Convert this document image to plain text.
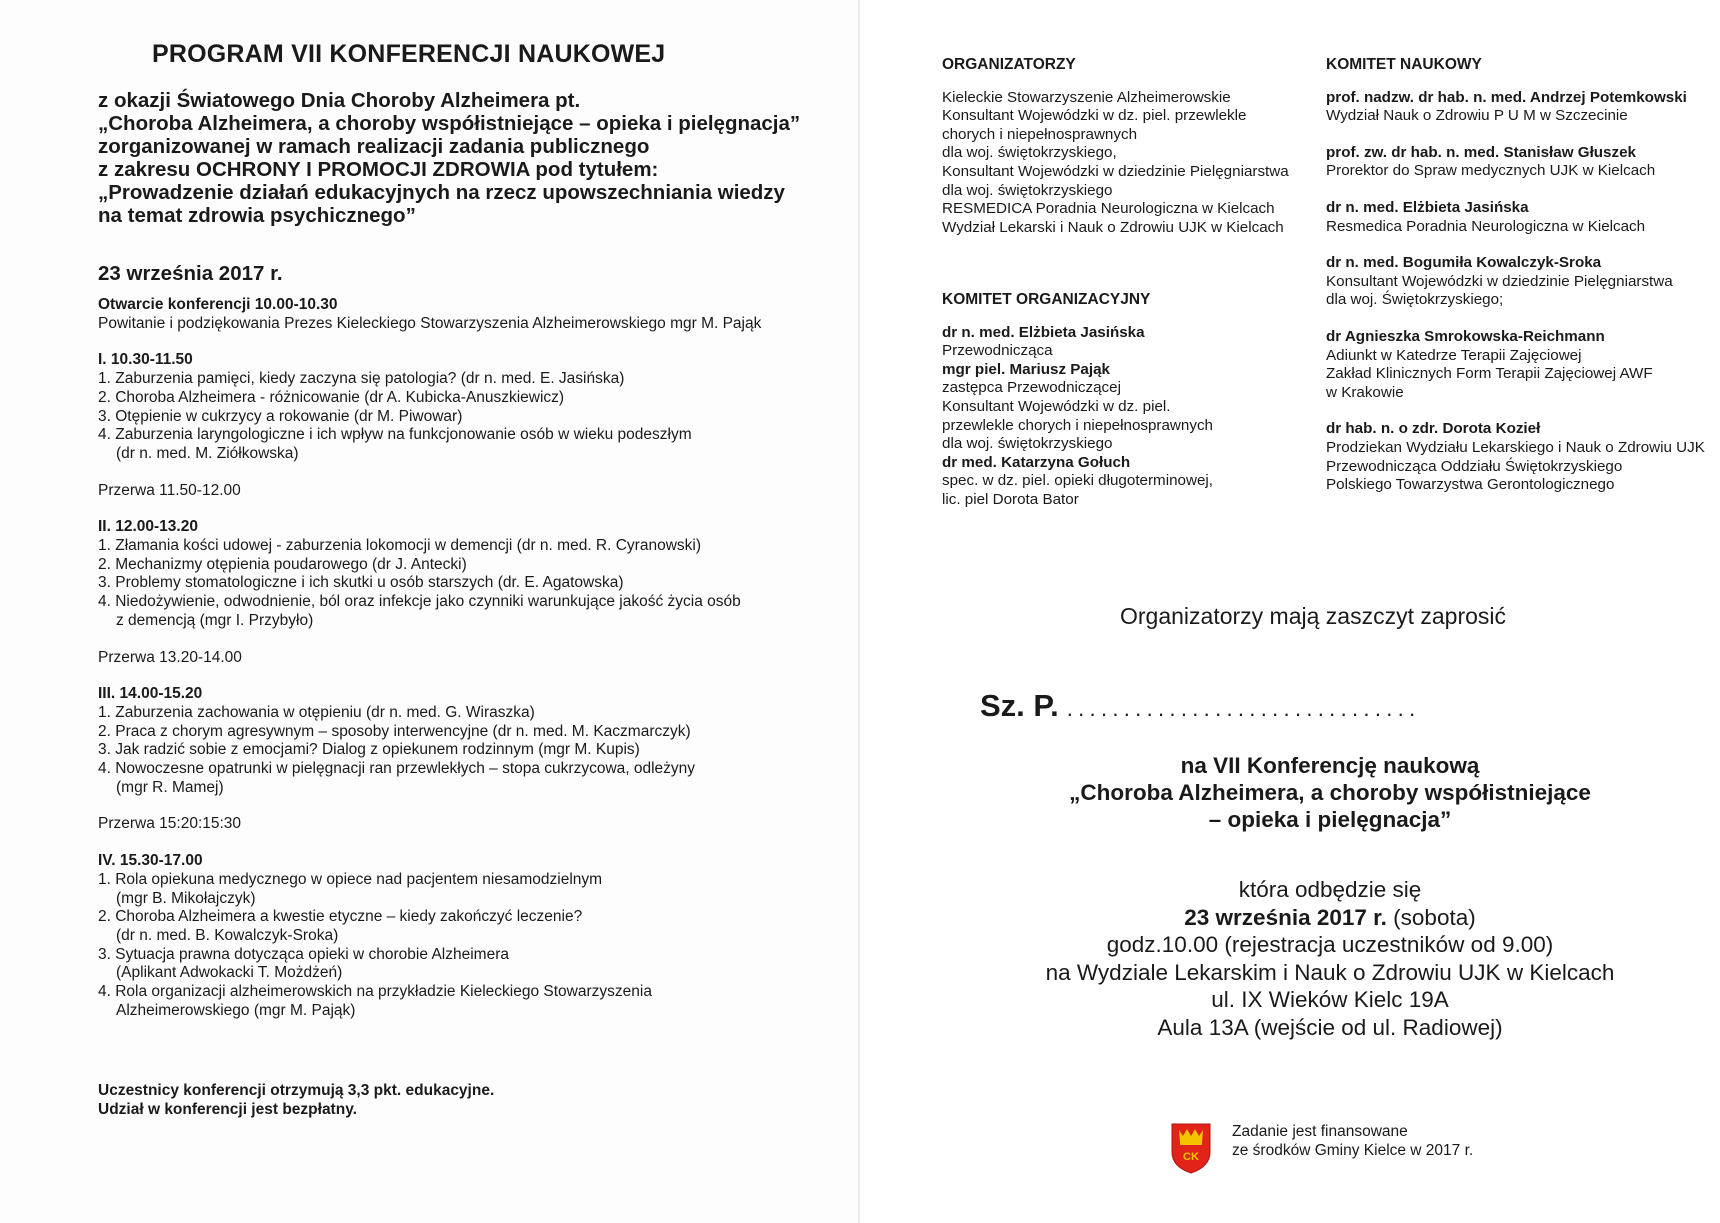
PROGRAM VII KONFERENCJI NAUKOWEJ
z okazji Światowego Dnia Choroby Alzheimera pt.
„Choroba Alzheimera, a choroby współistniejące – opieka i pielęgnacja”
zorganizowanej w ramach realizacji zadania publicznego
z zakresu OCHRONY I PROMOCJI ZDROWIA pod tytułem:
„Prowadzenie działań edukacyjnych na rzecz upowszechniania wiedzy
na temat zdrowia psychicznego”
23 września 2017 r.
Otwarcie konferencji 10.00-10.30
Powitanie i podziękowania Prezes Kieleckiego Stowarzyszenia Alzheimerowskiego mgr M. Pająk
I. 10.30-11.50
1. Zaburzenia pamięci, kiedy zaczyna się patologia? (dr n. med. E. Jasińska)
2. Choroba Alzheimera - różnicowanie (dr A. Kubicka-Anuszkiewicz)
3. Otępienie w cukrzycy a rokowanie (dr M. Piwowar)
4. Zaburzenia laryngologiczne i ich wpływ na funkcjonowanie osób w wieku podeszłym
(dr n. med. M. Ziółkowska)
Przerwa 11.50-12.00
II. 12.00-13.20
1. Złamania kości udowej - zaburzenia lokomocji w demencji (dr n. med. R. Cyranowski)
2. Mechanizmy otępienia poudarowego (dr J. Antecki)
3. Problemy stomatologiczne i ich skutki u osób starszych (dr. E. Agatowska)
4. Niedożywienie, odwodnienie, ból oraz infekcje jako czynniki warunkujące jakość życia osób
z demencją (mgr I. Przybyło)
Przerwa 13.20-14.00
III. 14.00-15.20
1. Zaburzenia zachowania w otępieniu (dr n. med. G. Wiraszka)
2. Praca z chorym agresywnym – sposoby interwencyjne (dr n. med. M. Kaczmarczyk)
3. Jak radzić sobie z emocjami? Dialog z opiekunem rodzinnym (mgr M. Kupis)
4. Nowoczesne opatrunki w pielęgnacji ran przewlekłych – stopa cukrzycowa, odleżyny
(mgr R. Mamej)
Przerwa 15:20:15:30
IV. 15.30-17.00
1. Rola opiekuna medycznego w opiece nad pacjentem niesamodzielnym
(mgr B. Mikołajczyk)
2. Choroba Alzheimera a kwestie etyczne – kiedy zakończyć leczenie?
(dr n. med. B. Kowalczyk-Sroka)
3. Sytuacja prawna dotycząca opieki w chorobie Alzheimera
(Aplikant Adwokacki T. Możdżeń)
4. Rola organizacji alzheimerowskich na przykładzie Kieleckiego Stowarzyszenia
Alzheimerowskiego (mgr M. Pająk)
Uczestnicy konferencji otrzymują 3,3 pkt. edukacyjne.
Udział w konferencji jest bezpłatny.
ORGANIZATORZY
Kieleckie Stowarzyszenie Alzheimerowskie
Konsultant Wojewódzki w dz. piel. przewlekle
chorych i niepełnosprawnych
dla woj. świętokrzyskiego,
Konsultant Wojewódzki w dziedzinie Pielęgniarstwa
dla woj. świętokrzyskiego
RESMEDICA Poradnia Neurologiczna w Kielcach
Wydział Lekarski i Nauk o Zdrowiu UJK w Kielcach
KOMITET ORGANIZACYJNY
dr n. med. Elżbieta Jasińska
Przewodnicząca
mgr piel. Mariusz Pająk
zastępca Przewodniczącej
Konsultant Wojewódzki w dz. piel.
przewlekle chorych i niepełnosprawnych
dla woj. świętokrzyskiego
dr med. Katarzyna Gołuch
spec. w dz. piel. opieki długoterminowej,
lic. piel Dorota Bator
KOMITET NAUKOWY
prof. nadzw. dr hab. n. med. Andrzej Potemkowski
Wydział Nauk o Zdrowiu P U M w Szczecinie
prof. zw. dr hab. n. med. Stanisław Głuszek
Prorektor do Spraw medycznych UJK w Kielcach
dr n. med. Elżbieta Jasińska
Resmedica Poradnia Neurologiczna w Kielcach
dr n. med. Bogumiła Kowalczyk-Sroka
Konsultant Wojewódzki w dziedzinie Pielęgniarstwa
dla woj. Świętokrzyskiego;
dr Agnieszka Smrokowska-Reichmann
Adiunkt w Katedrze Terapii Zajęciowej
Zakład Klinicznych Form Terapii Zajęciowej AWF
w Krakowie
dr hab. n. o zdr. Dorota Kozieł
Prodziekan Wydziału Lekarskiego i Nauk o Zdrowiu UJK
Przewodnicząca Oddziału Świętokrzyskiego
Polskiego Towarzystwa Gerontologicznego
Organizatorzy mają zaszczyt zaprosić
Sz. P. ...............................
na VII Konferencję naukową
„Choroba Alzheimera, a choroby współistniejące
– opieka i pielęgnacja”
która odbędzie się
23 września 2017 r. (sobota)
godz.10.00 (rejestracja uczestników od 9.00)
na Wydziale Lekarskim i Nauk o Zdrowiu UJK w Kielcach
ul. IX Wieków Kielc 19A
Aula 13A (wejście od ul. Radiowej)
CK
Zadanie jest finansowane
ze środków Gminy Kielce w 2017 r.
